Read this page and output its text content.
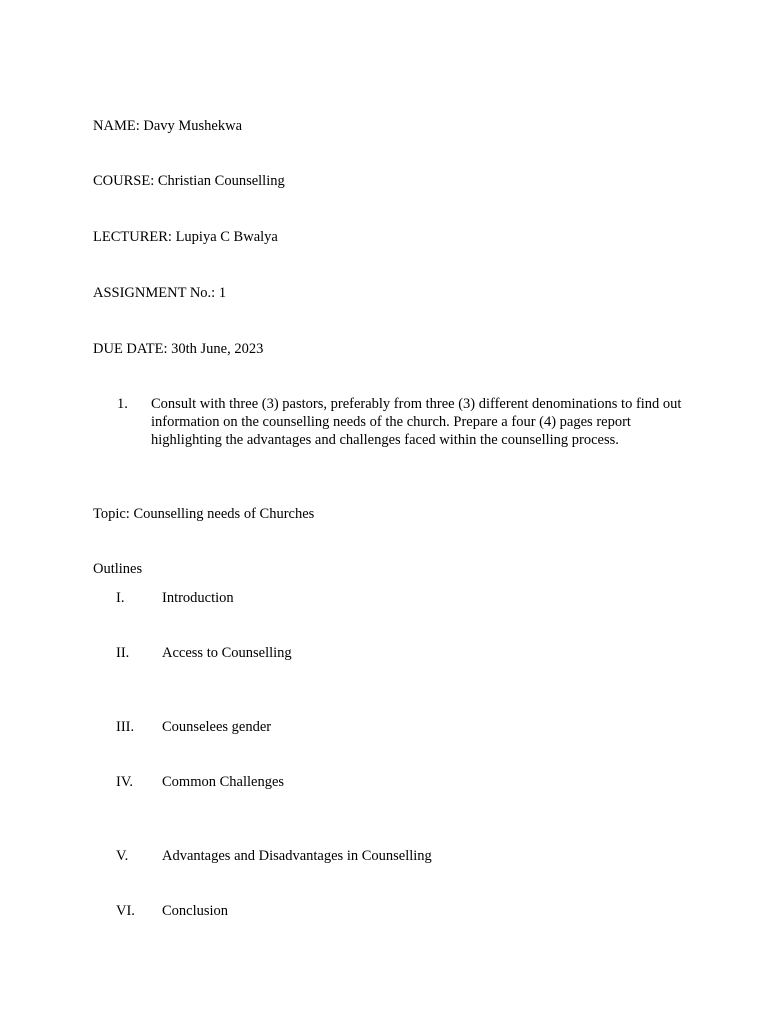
NAME: Davy Mushekwa
COURSE: Christian Counselling
LECTURER: Lupiya C Bwalya
ASSIGNMENT No.: 1
DUE DATE: 30th June, 2023
1. Consult with three (3) pastors, preferably from three (3) different denominations to find out information on the counselling needs of the church. Prepare a four (4) pages report highlighting the advantages and challenges faced within the counselling process.
Topic: Counselling needs of Churches
Outlines
I.	Introduction
II. Access to Counselling
III. Counselees gender
IV. Common Challenges
V. Advantages and Disadvantages in Counselling
VI. Conclusion
